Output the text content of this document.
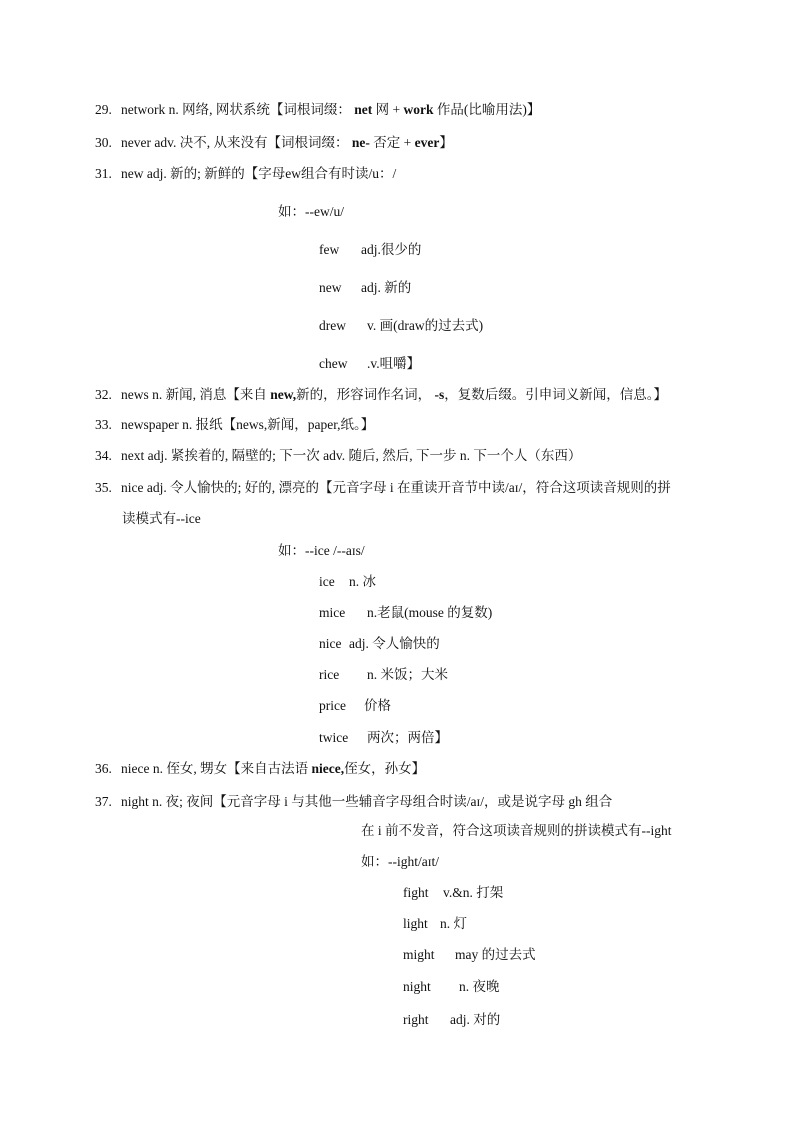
29. network n. 网络, 网状系统【词根词缀： net 网 + work 作品(比喻用法)】
30. never adv. 决不, 从来没有【词根词缀： ne- 否定 + ever】
31. new adj. 新的; 新鲜的【字母ew组合有时读/u：/
如：--ew/u/
few adj.很少的
new adj. 新的
drew v. 画(draw的过去式)
chew .v.咀嚼】
32. news n. 新闻, 消息【来自 new,新的，形容词作名词， -s，复数后缀。引申词义新闻，信息。】
33. newspaper n. 报纸【news,新闻，paper,纸。】
34. next adj. 紧挨着的, 隔壁的; 下一次 adv. 随后, 然后, 下一步 n. 下一个人（东西）
35. nice adj. 令人愉快的; 好的, 漂亮的【元音字母 i 在重读开音节中读/aɪ/，符合这项读音规则的拼
读模式有--ice
如：--ice /--aɪs/
ice n. 冰
mice n.老鼠(mouse 的复数)
nice adj. 令人愉快的
rice n. 米饭；大米
price 价格
twice 两次；两倍】
36. niece n. 侄女, 甥女【来自古法语 niece,侄女，孙女】
37. night n. 夜; 夜间【元音字母 i 与其他一些辅音字母组合时读/aɪ/，或是说字母 gh 组合
在 i 前不发音，符合这项读音规则的拼读模式有--ight
如：--ight/aɪt/
fight v.&n. 打架
light n. 灯
might may 的过去式
night n. 夜晚
right adj. 对的
